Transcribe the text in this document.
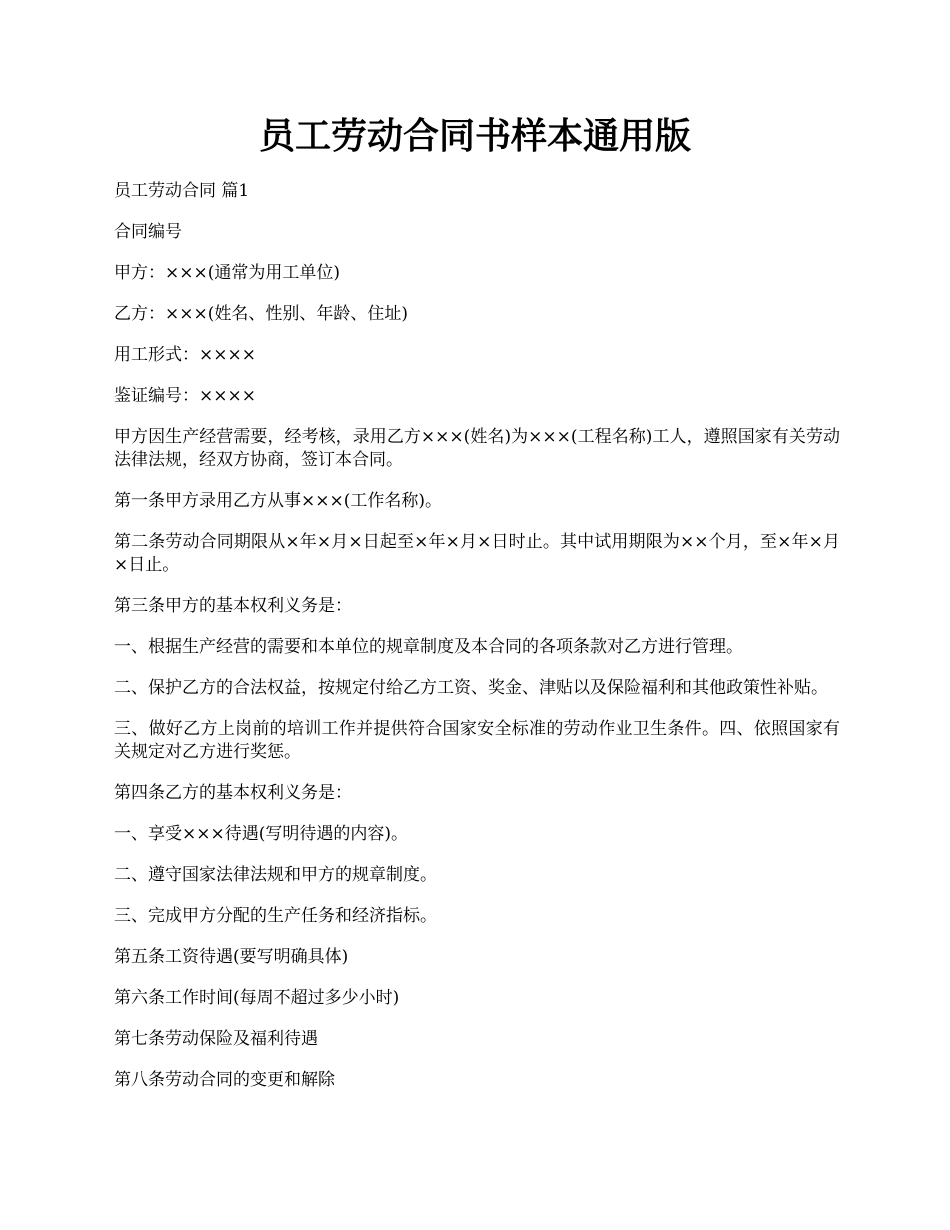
员工劳动合同书样本通用版

员工劳动合同 篇1

合同编号

甲方：×××(通常为用工单位)

乙方：×××(姓名、性别、年龄、住址)

用工形式：××××

鉴证编号：××××

甲方因生产经营需要，经考核，录用乙方×××(姓名)为×××(工程名称)工人，遵照国家有关劳动法律法规，经双方协商，签订本合同。

第一条甲方录用乙方从事×××(工作名称)。

第二条劳动合同期限从×年×月×日起至×年×月×日时止。其中试用期限为××个月，至×年×月×日止。

第三条甲方的基本权利义务是：

一、根据生产经营的需要和本单位的规章制度及本合同的各项条款对乙方进行管理。

二、保护乙方的合法权益，按规定付给乙方工资、奖金、津贴以及保险福利和其他政策性补贴。

三、做好乙方上岗前的培训工作并提供符合国家安全标准的劳动作业卫生条件。四、依照国家有关规定对乙方进行奖惩。

第四条乙方的基本权利义务是：

一、享受×××待遇(写明待遇的内容)。

二、遵守国家法律法规和甲方的规章制度。

三、完成甲方分配的生产任务和经济指标。

第五条工资待遇(要写明确具体)

第六条工作时间(每周不超过多少小时)

第七条劳动保险及福利待遇

第八条劳动合同的变更和解除
